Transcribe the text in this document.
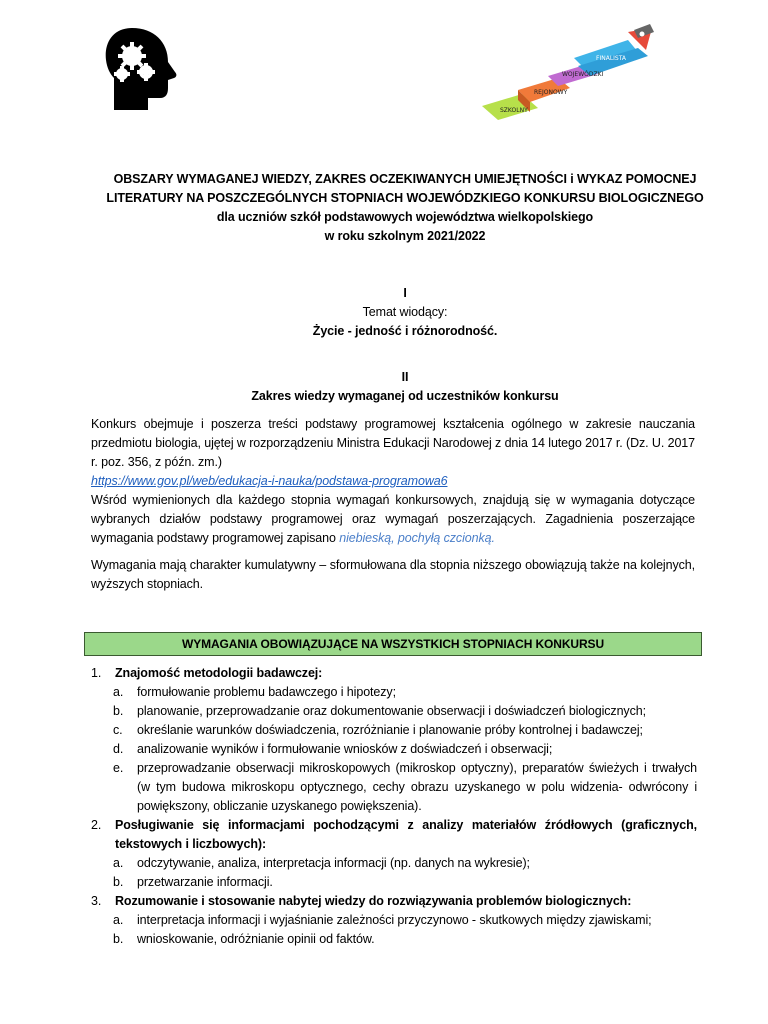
SZKOLNY
REJONOWY
WOJEWÓDZKI
FINALISTA
OBSZARY WYMAGANEJ WIEDZY, ZAKRES OCZEKIWANYCH UMIEJĘTNOŚCI i WYKAZ POMOCNEJ
LITERATURY NA POSZCZEGÓLNYCH STOPNIACH WOJEWÓDZKIEGO KONKURSU BIOLOGICZNEGO
dla uczniów szkół podstawowych województwa wielkopolskiego
w roku szkolnym 2021/2022
I
Temat wiodący:
Życie - jedność i różnorodność.
II
Zakres wiedzy wymaganej od uczestników konkursu
Konkurs obejmuje i poszerza treści podstawy programowej kształcenia ogólnego w zakresie nauczania przedmiotu biologia, ujętej w rozporządzeniu Ministra Edukacji Narodowej z dnia 14 lutego 2017 r. (Dz. U. 2017 r. poz. 356, z późn. zm.)
https://www.gov.pl/web/edukacja-i-nauka/podstawa-programowa6
Wśród wymienionych dla każdego stopnia wymagań konkursowych, znajdują się w wymagania dotyczące wybranych działów podstawy programowej oraz wymagań poszerzających. Zagadnienia poszerzające wymagania podstawy programowej zapisano niebieską, pochyłą czcionką.
Wymagania mają charakter kumulatywny – sformułowana dla stopnia niższego obowiązują także na kolejnych, wyższych stopniach.
WYMAGANIA OBOWIĄZUJĄCE NA WSZYSTKICH STOPNIACH KONKURSU
1. Znajomość metodologii badawczej:
a. formułowanie problemu badawczego i hipotezy;
b. planowanie, przeprowadzanie oraz dokumentowanie obserwacji i doświadczeń biologicznych;
c. określanie warunków doświadczenia, rozróżnianie i planowanie próby kontrolnej i badawczej;
d. analizowanie wyników i formułowanie wniosków z doświadczeń i obserwacji;
e. przeprowadzanie obserwacji mikroskopowych (mikroskop optyczny), preparatów świeżych i trwałych (w tym budowa mikroskopu optycznego, cechy obrazu uzyskanego w polu widzenia- odwrócony i powiększony, obliczanie uzyskanego powiększenia).
2. Posługiwanie się informacjami pochodzącymi z analizy materiałów źródłowych (graficznych, tekstowych i liczbowych):
a. odczytywanie, analiza, interpretacja informacji (np. danych na wykresie);
b. przetwarzanie informacji.
3. Rozumowanie i stosowanie nabytej wiedzy do rozwiązywania problemów biologicznych:
a. interpretacja informacji i wyjaśnianie zależności przyczynowo - skutkowych między zjawiskami;
b. wnioskowanie, odróżnianie opinii od faktów.
